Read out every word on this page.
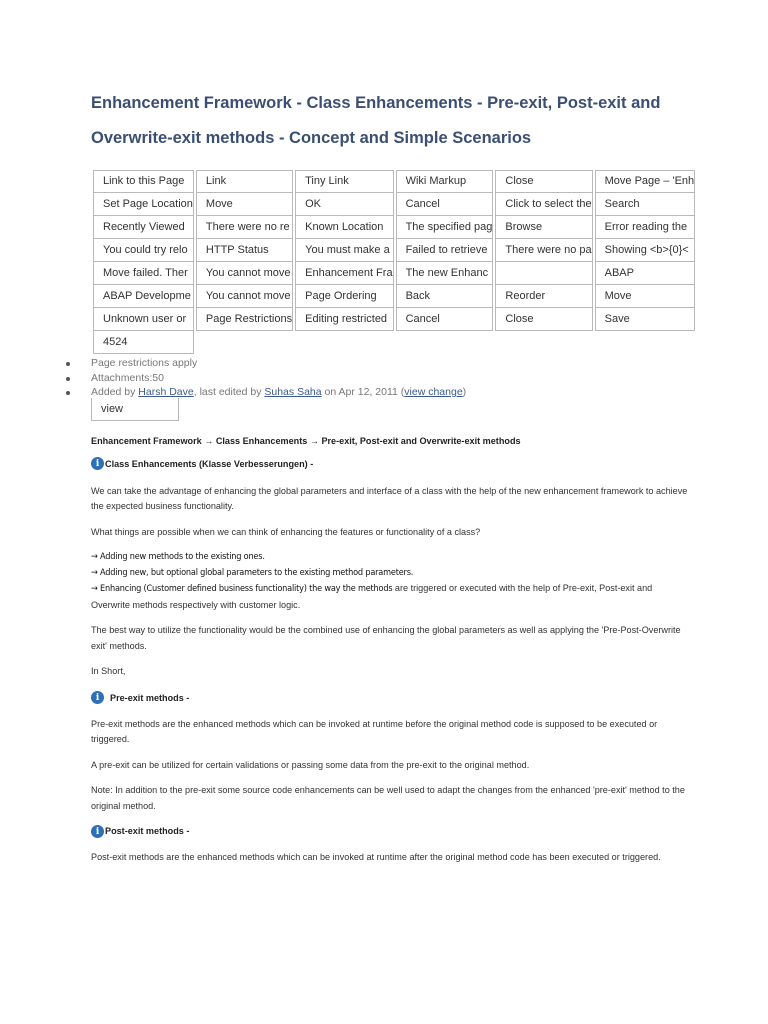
Enhancement Framework - Class Enhancements - Pre-exit, Post-exit and Overwrite-exit methods - Concept and Simple Scenarios
Link to this Page	Link	Tiny Link	Wiki Markup	Close	Move Page – 'Enh
Set Page Location	Move	OK	Cancel	Click to select the	Search
Recently Viewed	There were no re	Known Location	The specified pag	Browse	Error reading the
You could try relo	HTTP Status	You must make a	Failed to retrieve	There were no pa	Showing <b>{0}<
Move failed. Ther	You cannot move	Enhancement Fra	The new Enhanc		ABAP
ABAP Developme	You cannot move	Page Ordering	Back	Reorder	Move
Unknown user or	Page Restrictions	Editing restricted	Cancel	Close	Save
4524					
Page restrictions apply
Attachments:50
Added by Harsh Dave, last edited by Suhas Saha on Apr 12, 2011 (view change)
view

Enhancement Framework → Class Enhancements → Pre-exit, Post-exit and Overwrite-exit methods

i Class Enhancements (Klasse Verbesserungen) -

We can take the advantage of enhancing the global parameters and interface of a class with the help of the new enhancement framework to achieve the expected business functionality.

What things are possible when we can think of enhancing the features or functionality of a class?

→ Adding new methods to the existing ones.

→ Adding new, but optional global parameters to the existing method parameters.

→ Enhancing (Customer defined business functionality) the way the methods are triggered or executed with the help of Pre-exit, Post-exit and Overwrite methods respectively with customer logic.

The best way to utilize the functionality would be the combined use of enhancing the global parameters as well as applying the 'Pre-Post-Overwrite exit' methods.

In Short,

i	Pre-exit methods -

Pre-exit methods are the enhanced methods which can be invoked at runtime before the original method code is supposed to be executed or triggered.

A pre-exit can be utilized for certain validations or passing some data from the pre-exit to the original method.

Note: In addition to the pre-exit some source code enhancements can be well used to adapt the changes from the enhanced 'pre-exit' method to the original method.

i Post-exit methods -

Post-exit methods are the enhanced methods which can be invoked at runtime after the original method code has been executed or triggered.
